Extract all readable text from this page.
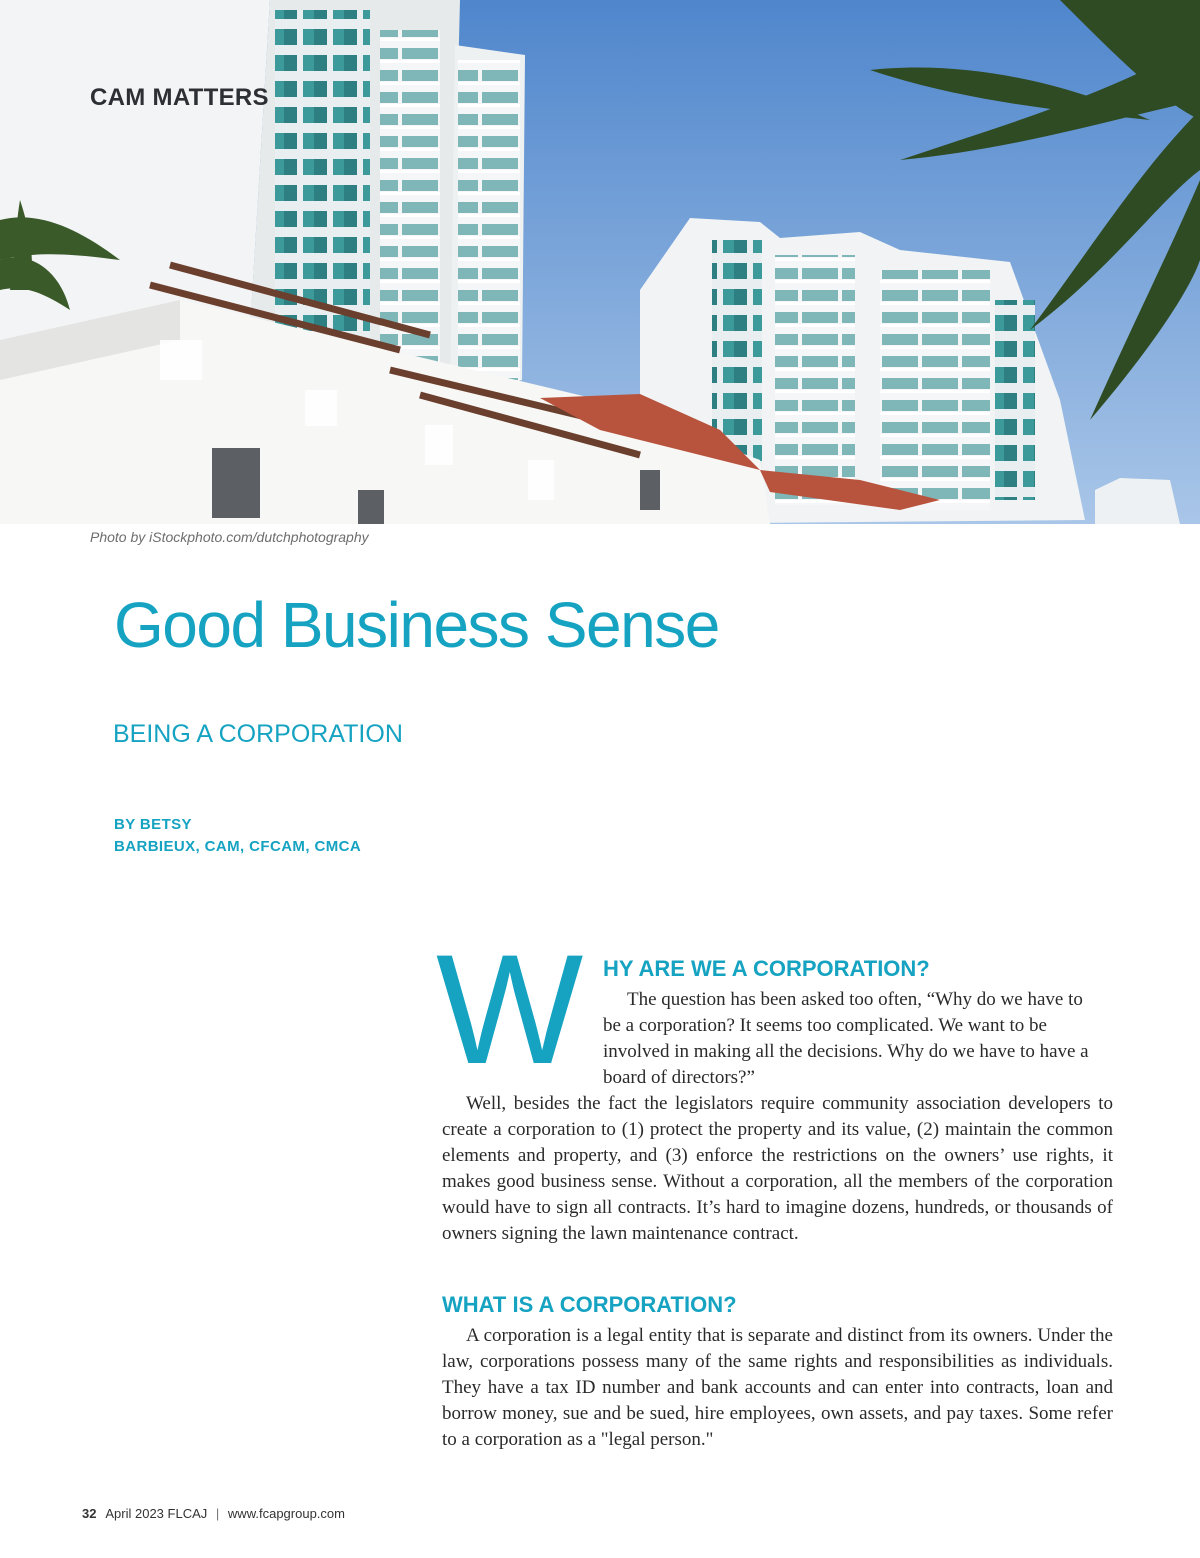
CAM MATTERS
Photo by iStockphoto.com/dutchphotography
Good Business Sense
BEING A CORPORATION
BY BETSY
BARBIEUX, CAM, CFCAM, CMCA
W HY ARE WE A CORPORATION?

The question has been asked too often, “Why do we have to be a corporation? It seems too complicated. We want to be involved in making all the decisions. Why do we have to have a board of directors?”

Well, besides the fact the legislators require community association developers to create a corporation to (1) protect the property and its value, (2) maintain the common elements and property, and (3) enforce the restrictions on the owners’ use rights, it makes good business sense. Without a corporation, all the members of the corporation would have to sign all contracts. It’s hard to imagine dozens, hundreds, or thousands of owners signing the lawn maintenance contract.

WHAT IS A CORPORATION?

A corporation is a legal entity that is separate and distinct from its owners. Under the law, corporations possess many of the same rights and responsibilities as individuals. They have a tax ID number and bank accounts and can enter into contracts, loan and borrow money, sue and be sued, hire employees, own assets, and pay taxes. Some refer to a corporation as a "legal person."

32 April 2023 FLCAJ | www.fcapgroup.com
